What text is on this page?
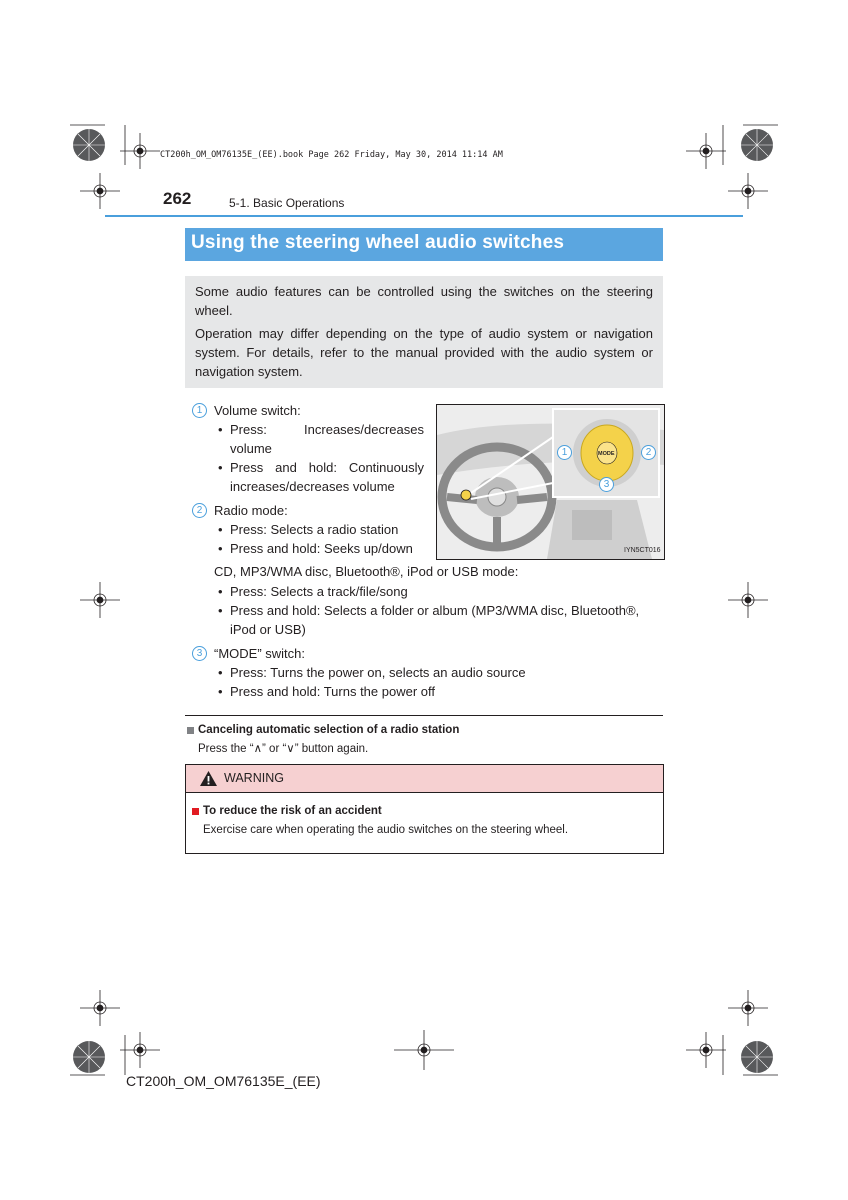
CT200h_OM_OM76135E_(EE).book Page 262 Friday, May 30, 2014 11:14 AM
262	5-1. Basic Operations
Using the steering wheel audio switches

Some audio features can be controlled using the switches on the steering wheel.

Operation may differ depending on the type of audio system or navigation system. For details, refer to the manual provided with the audio system or navigation system.

1 Volume switch:
• Press: Increases/decreases volume
• Press and hold: Continuously increases/decreases volume
2 Radio mode:
• Press: Selects a radio station
• Press and hold: Seeks up/down
CD, MP3/WMA disc, Bluetooth®, iPod or USB mode:
• Press: Selects a track/file/song
• Press and hold: Selects a folder or album (MP3/WMA disc, Bluetooth®, iPod or USB)
3 “MODE” switch:
• Press: Turns the power on, selects an audio source
• Press and hold: Turns the power off
MODE
1	2
3
IYN5CT016
Canceling automatic selection of a radio station
Press the “∧” or “∨” button again.
WARNING
To reduce the risk of an accident
Exercise care when operating the audio switches on the steering wheel.
CT200h_OM_OM76135E_(EE)
